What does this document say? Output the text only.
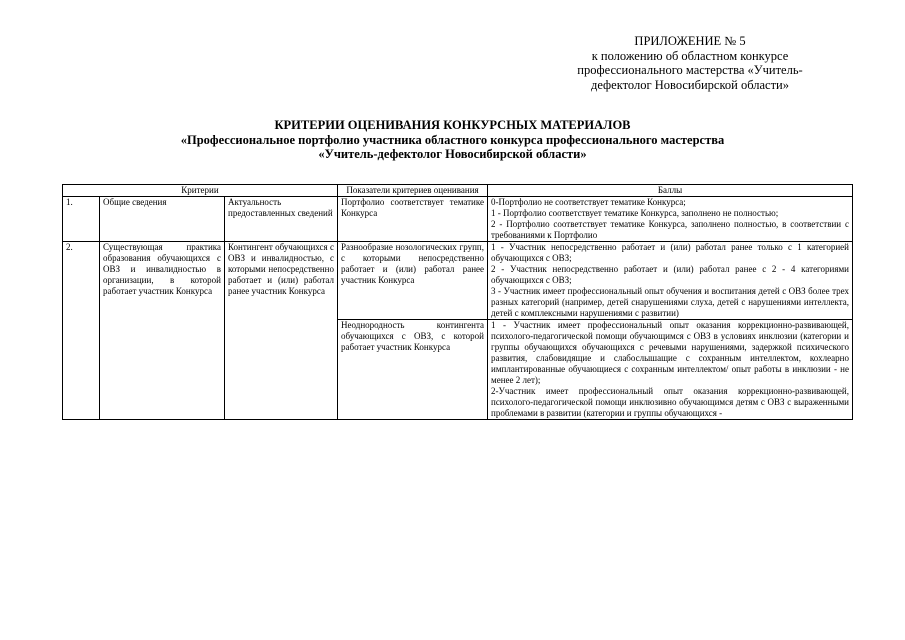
ПРИЛОЖЕНИЕ № 5
к положению об областном конкурсе
профессионального мастерства «Учитель-
дефектолог Новосибирской области»
КРИТЕРИИ ОЦЕНИВАНИЯ КОНКУРСНЫХ МАТЕРИАЛОВ
«Профессиональное портфолио участника областного конкурса профессионального мастерства
«Учитель-дефектолог Новосибирской области»
Критерии			Показатели критериев оценивания	Баллы
1.	Общие сведения	Актуальность предоставленных сведений	Портфолио соответствует тематике Конкурса	0-Портфолио не соответствует тематике Конкурса;

1 - Портфолио соответствует тематике Конкурса, заполнено не полностью;

2 - Портфолио соответствует тематике Конкурса, заполнено полностью, в соответствии с требованиями к Портфолио

2.	Существующая практика образования обучающихся с ОВЗ и инвалидностью в организации, в которой работает участник Конкурса	Контингент обучающихся с ОВЗ и инвалидностью, с которыми непосредственно работает и (или) работал ранее участник Конкурса	Разнообразие нозологических групп, с которыми непосредственно работает и (или) работал ранее участник Конкурса	1 - Участник непосредственно работает и (или) работал ранее только с 1 категорией обучающихся с ОВЗ;

2 - Участник непосредственно работает и (или) работал ранее с 2 - 4 категориями обучающихся с ОВЗ;

3 - Участник имеет профессиональный опыт обучения и воспитания детей с ОВЗ более трех разных категорий (например, детей снарушениями слуха, детей с нарушениями интеллекта, детей с комплексными нарушениями с развитии)

			Неоднородность контингента обучающихся с ОВЗ, с которой работает участник Конкурса	1 - Участник имеет профессиональный опыт оказания коррекционно-развивающей, психолого-педагогической помощи обучающимся с ОВЗ в условиях инклюзии (категории и группы обучающихся обучающихся с речевыми нарушениями, задержкой психического развития, слабовидящие и слабослышащие с сохранным интеллектом, кохлеарно имплантированные обучающиеся с сохранным интеллектом/ опыт работы в инклюзии - не менее 2 лет);

2-Участник имеет профессиональный опыт оказания коррекционно-развивающей, психолого-педагогической помощи инклюзивно обучающимся детям с ОВЗ с выраженными проблемами в развитии (категории и группы обучающихся -
